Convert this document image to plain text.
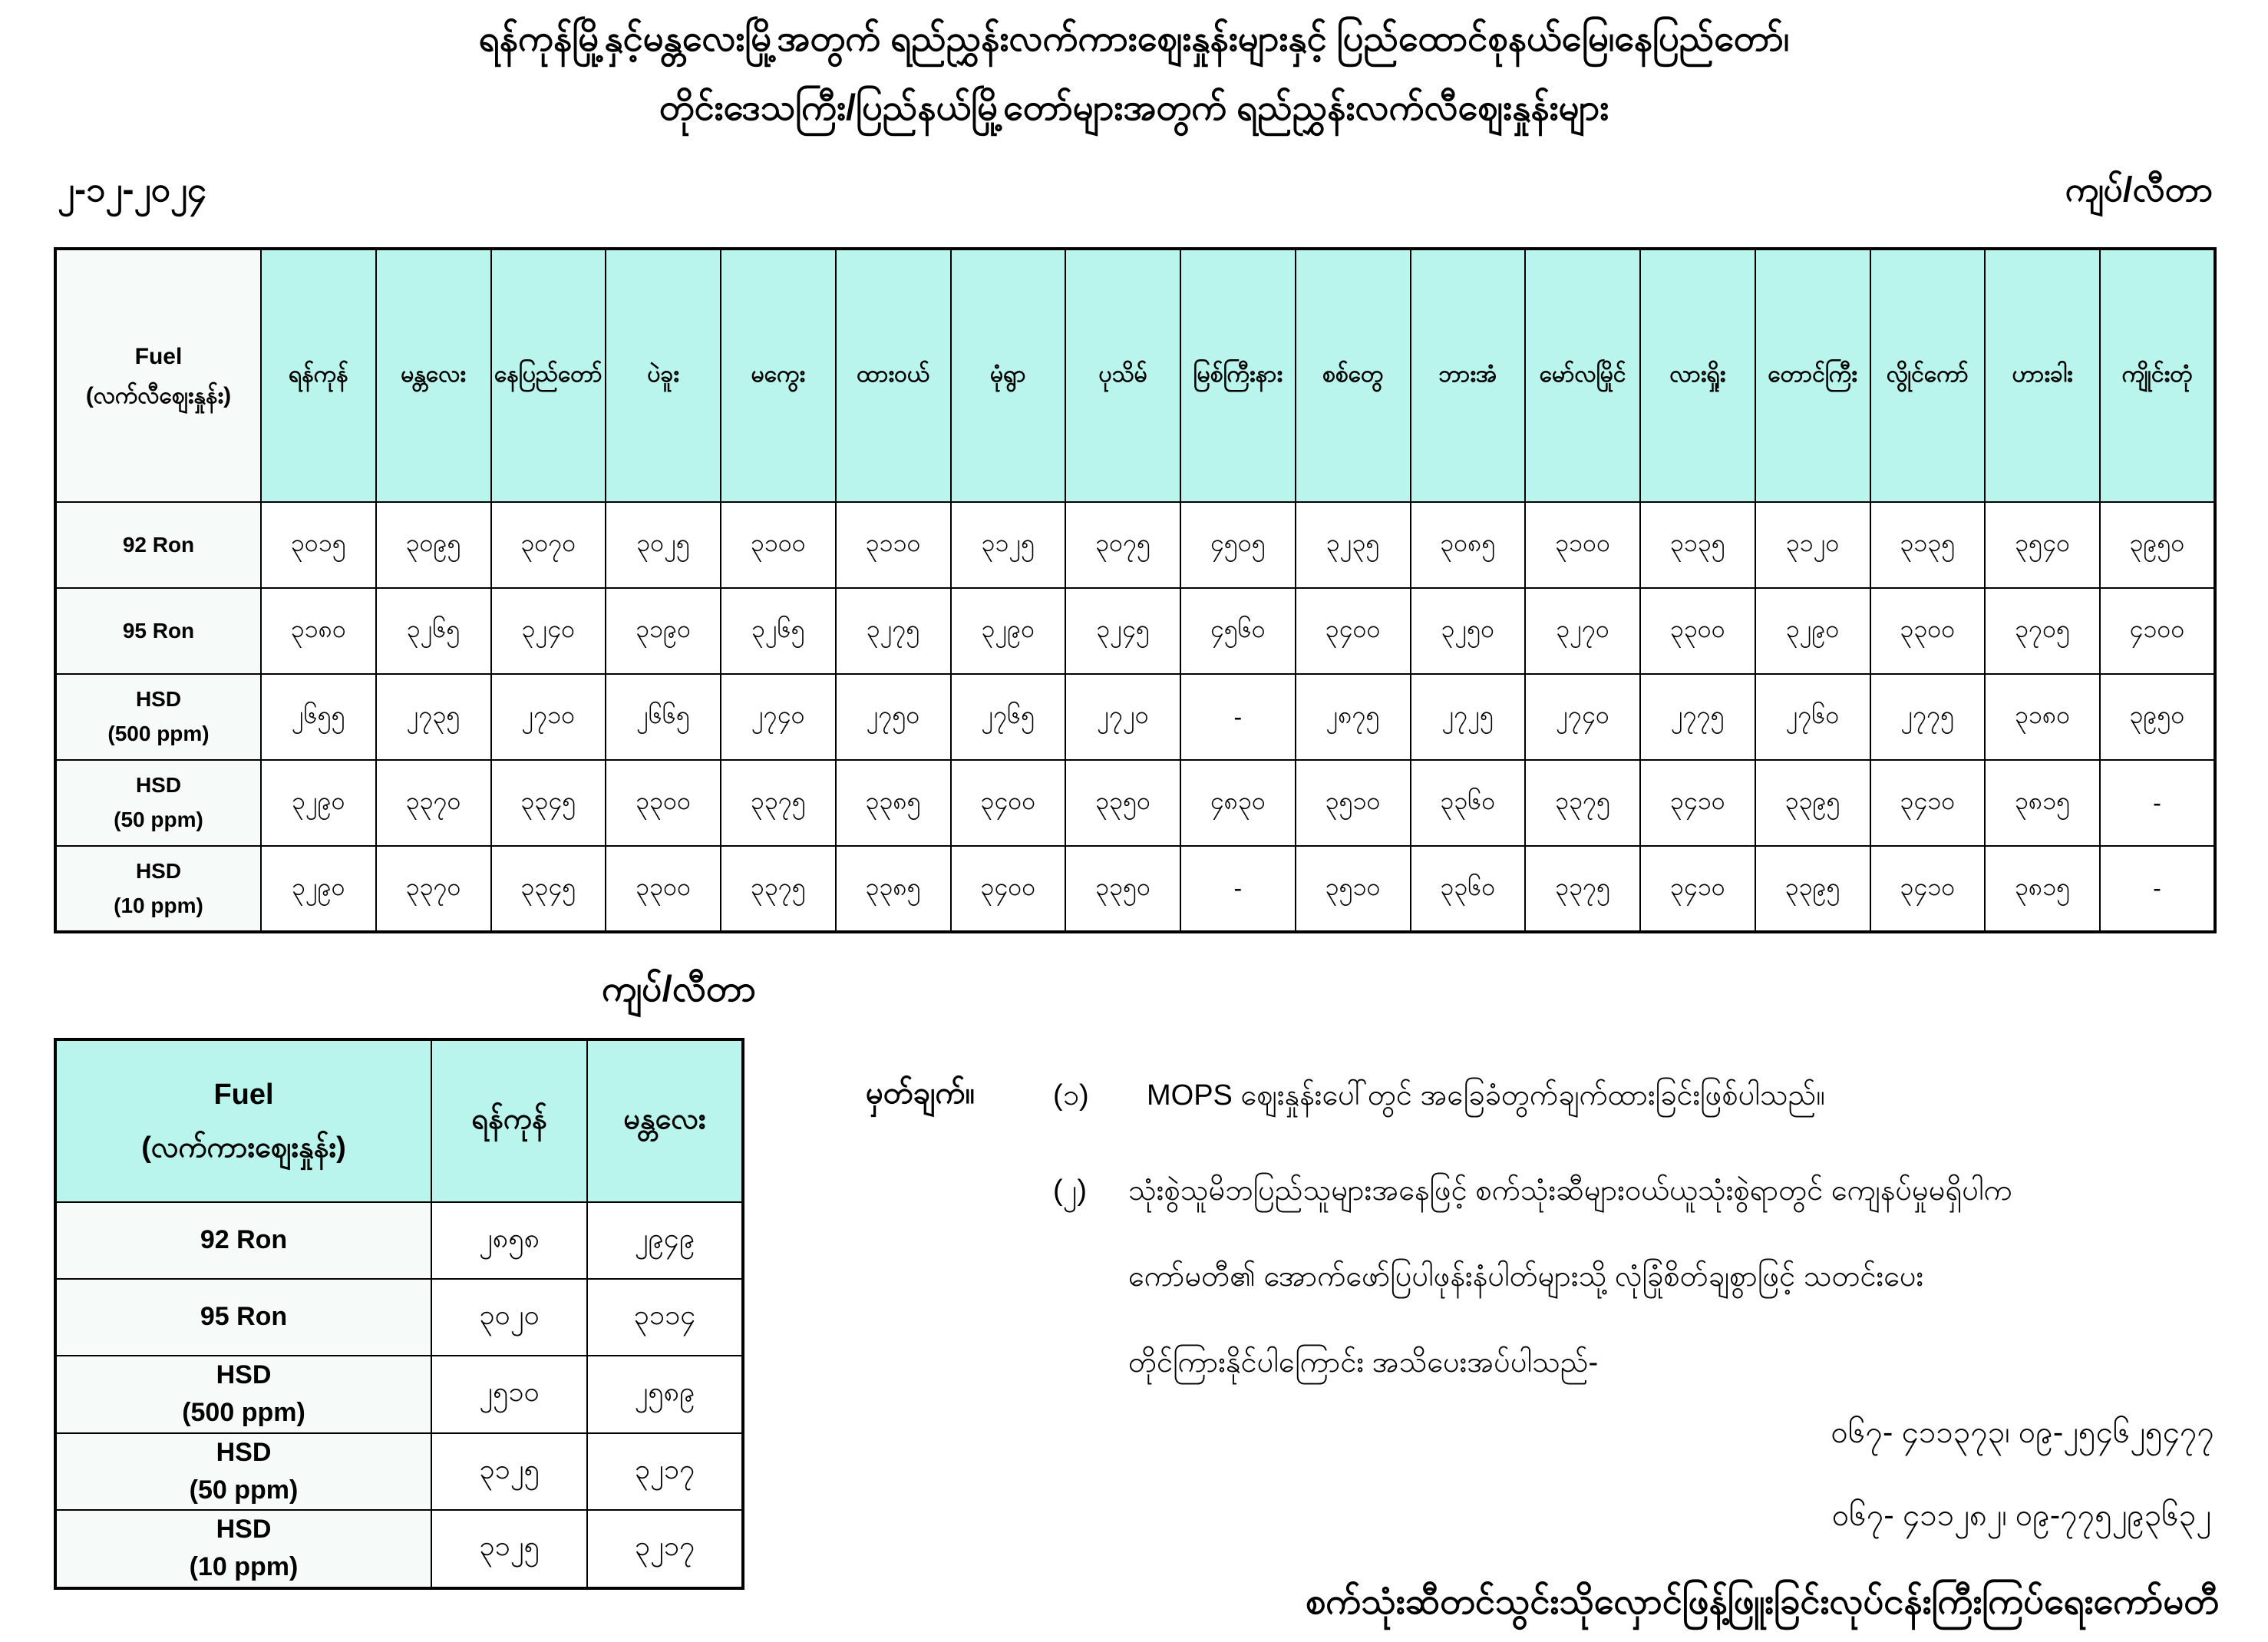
ရန်ကုန်မြို့နှင့်မန္တလေးမြို့အတွက် ရည်ညွှန်းလက်ကားဈေးနှုန်းများနှင့် ပြည်ထောင်စုနယ်မြေ၊နေပြည်တော်၊
တိုင်းဒေသကြီး/ပြည်နယ်မြို့တော်များအတွက် ရည်ညွှန်းလက်လီဈေးနှုန်းများ
၂-၁၂-၂၀၂၄	ကျပ်/လီတာ
Fuel
(လက်လီဈေးနှုန်း)	ရန်ကုန်	မန္တလေး	နေပြည်တော်	ပဲခူး	မကွေး	ထားဝယ်	မုံရွာ	ပုသိမ်	မြစ်ကြီးနား	စစ်တွေ	ဘားအံ	မော်လမြိုင်	လားရှိုး	တောင်ကြီး	လွိုင်ကော်	ဟားခါး	ကျိုင်းတုံ

92 Ron	၃၀၁၅	၃၀၉၅	၃၀၇၀	၃၀၂၅	၃၁၀၀	၃၁၁၀	၃၁၂၅	၃၀၇၅	၄၅၀၅	၃၂၃၅	၃၀၈၅	၃၁၀၀	၃၁၃၅	၃၁၂၀	၃၁၃၅	၃၅၄၀	၃၉၅၀

95 Ron	၃၁၈၀	၃၂၆၅	၃၂၄၀	၃၁၉၀	၃၂၆၅	၃၂၇၅	၃၂၉၀	၃၂၄၅	၄၅၆၀	၃၄၀၀	၃၂၅၀	၃၂၇၀	၃၃၀၀	၃၂၉၀	၃၃၀၀	၃၇၀၅	၄၁၀၀

HSD
(500 ppm)	၂၆၅၅	၂၇၃၅	၂၇၁၀	၂၆၆၅	၂၇၄၀	၂၇၅၀	၂၇၆၅	၂၇၂၀	-	၂၈၇၅	၂၇၂၅	၂၇၄၀	၂၇၇၅	၂၇၆၀	၂၇၇၅	၃၁၈၀	၃၉၅၀

HSD
(50 ppm)	၃၂၉၀	၃၃၇၀	၃၃၄၅	၃၃၀၀	၃၃၇၅	၃၃၈၅	၃၄၀၀	၃၃၅၀	၄၈၃၀	၃၅၁၀	၃၃၆၀	၃၃၇၅	၃၄၁၀	၃၃၉၅	၃၄၁၀	၃၈၁၅	-

HSD
(10 ppm)	၃၂၉၀	၃၃၇၀	၃၃၄၅	၃၃၀၀	၃၃၇၅	၃၃၈၅	၃၄၀၀	၃၃၅၀	-	၃၅၁၀	၃၃၆၀	၃၃၇၅	၃၄၁၀	၃၃၉၅	၃၄၁၀	၃၈၁၅	-
ကျပ်/လီတာ
Fuel
(လက်ကားဈေးနှုန်း)	ရန်ကုန်	မန္တလေး

92 Ron	၂၈၅၈	၂၉၄၉

95 Ron	၃၀၂၀	၃၁၁၄

HSD
(500 ppm)	၂၅၁၀	၂၅၈၉

HSD
(50 ppm)	၃၁၂၅	၃၂၁၇

HSD
(10 ppm)	၃၁၂၅	၃၂၁၇
မှတ်ချက်။	(၁) MOPS ဈေးနှုန်းပေါ်တွင် အခြေခံတွက်ချက်ထားခြင်းဖြစ်ပါသည်။
(၂) သုံးစွဲသူမိဘပြည်သူများအနေဖြင့် စက်သုံးဆီများဝယ်ယူသုံးစွဲရာတွင် ကျေနပ်မှုမရှိပါက
ကော်မတီ၏ အောက်ဖော်ပြပါဖုန်းနံပါတ်များသို့ လုံခြုံစိတ်ချစွာဖြင့် သတင်းပေး
တိုင်ကြားနိုင်ပါကြောင်း အသိပေးအပ်ပါသည်-
၀၆၇- ၄၁၁၃၇၃၊ ၀၉-၂၅၄၆၂၅၄၇၇
၀၆၇- ၄၁၁၂၈၂၊ ၀၉-၇၇၅၂၉၃၆၃၂
စက်သုံးဆီတင်သွင်းသိုလှောင်ဖြန့်ဖြူးခြင်းလုပ်ငန်းကြီးကြပ်ရေးကော်မတီ
